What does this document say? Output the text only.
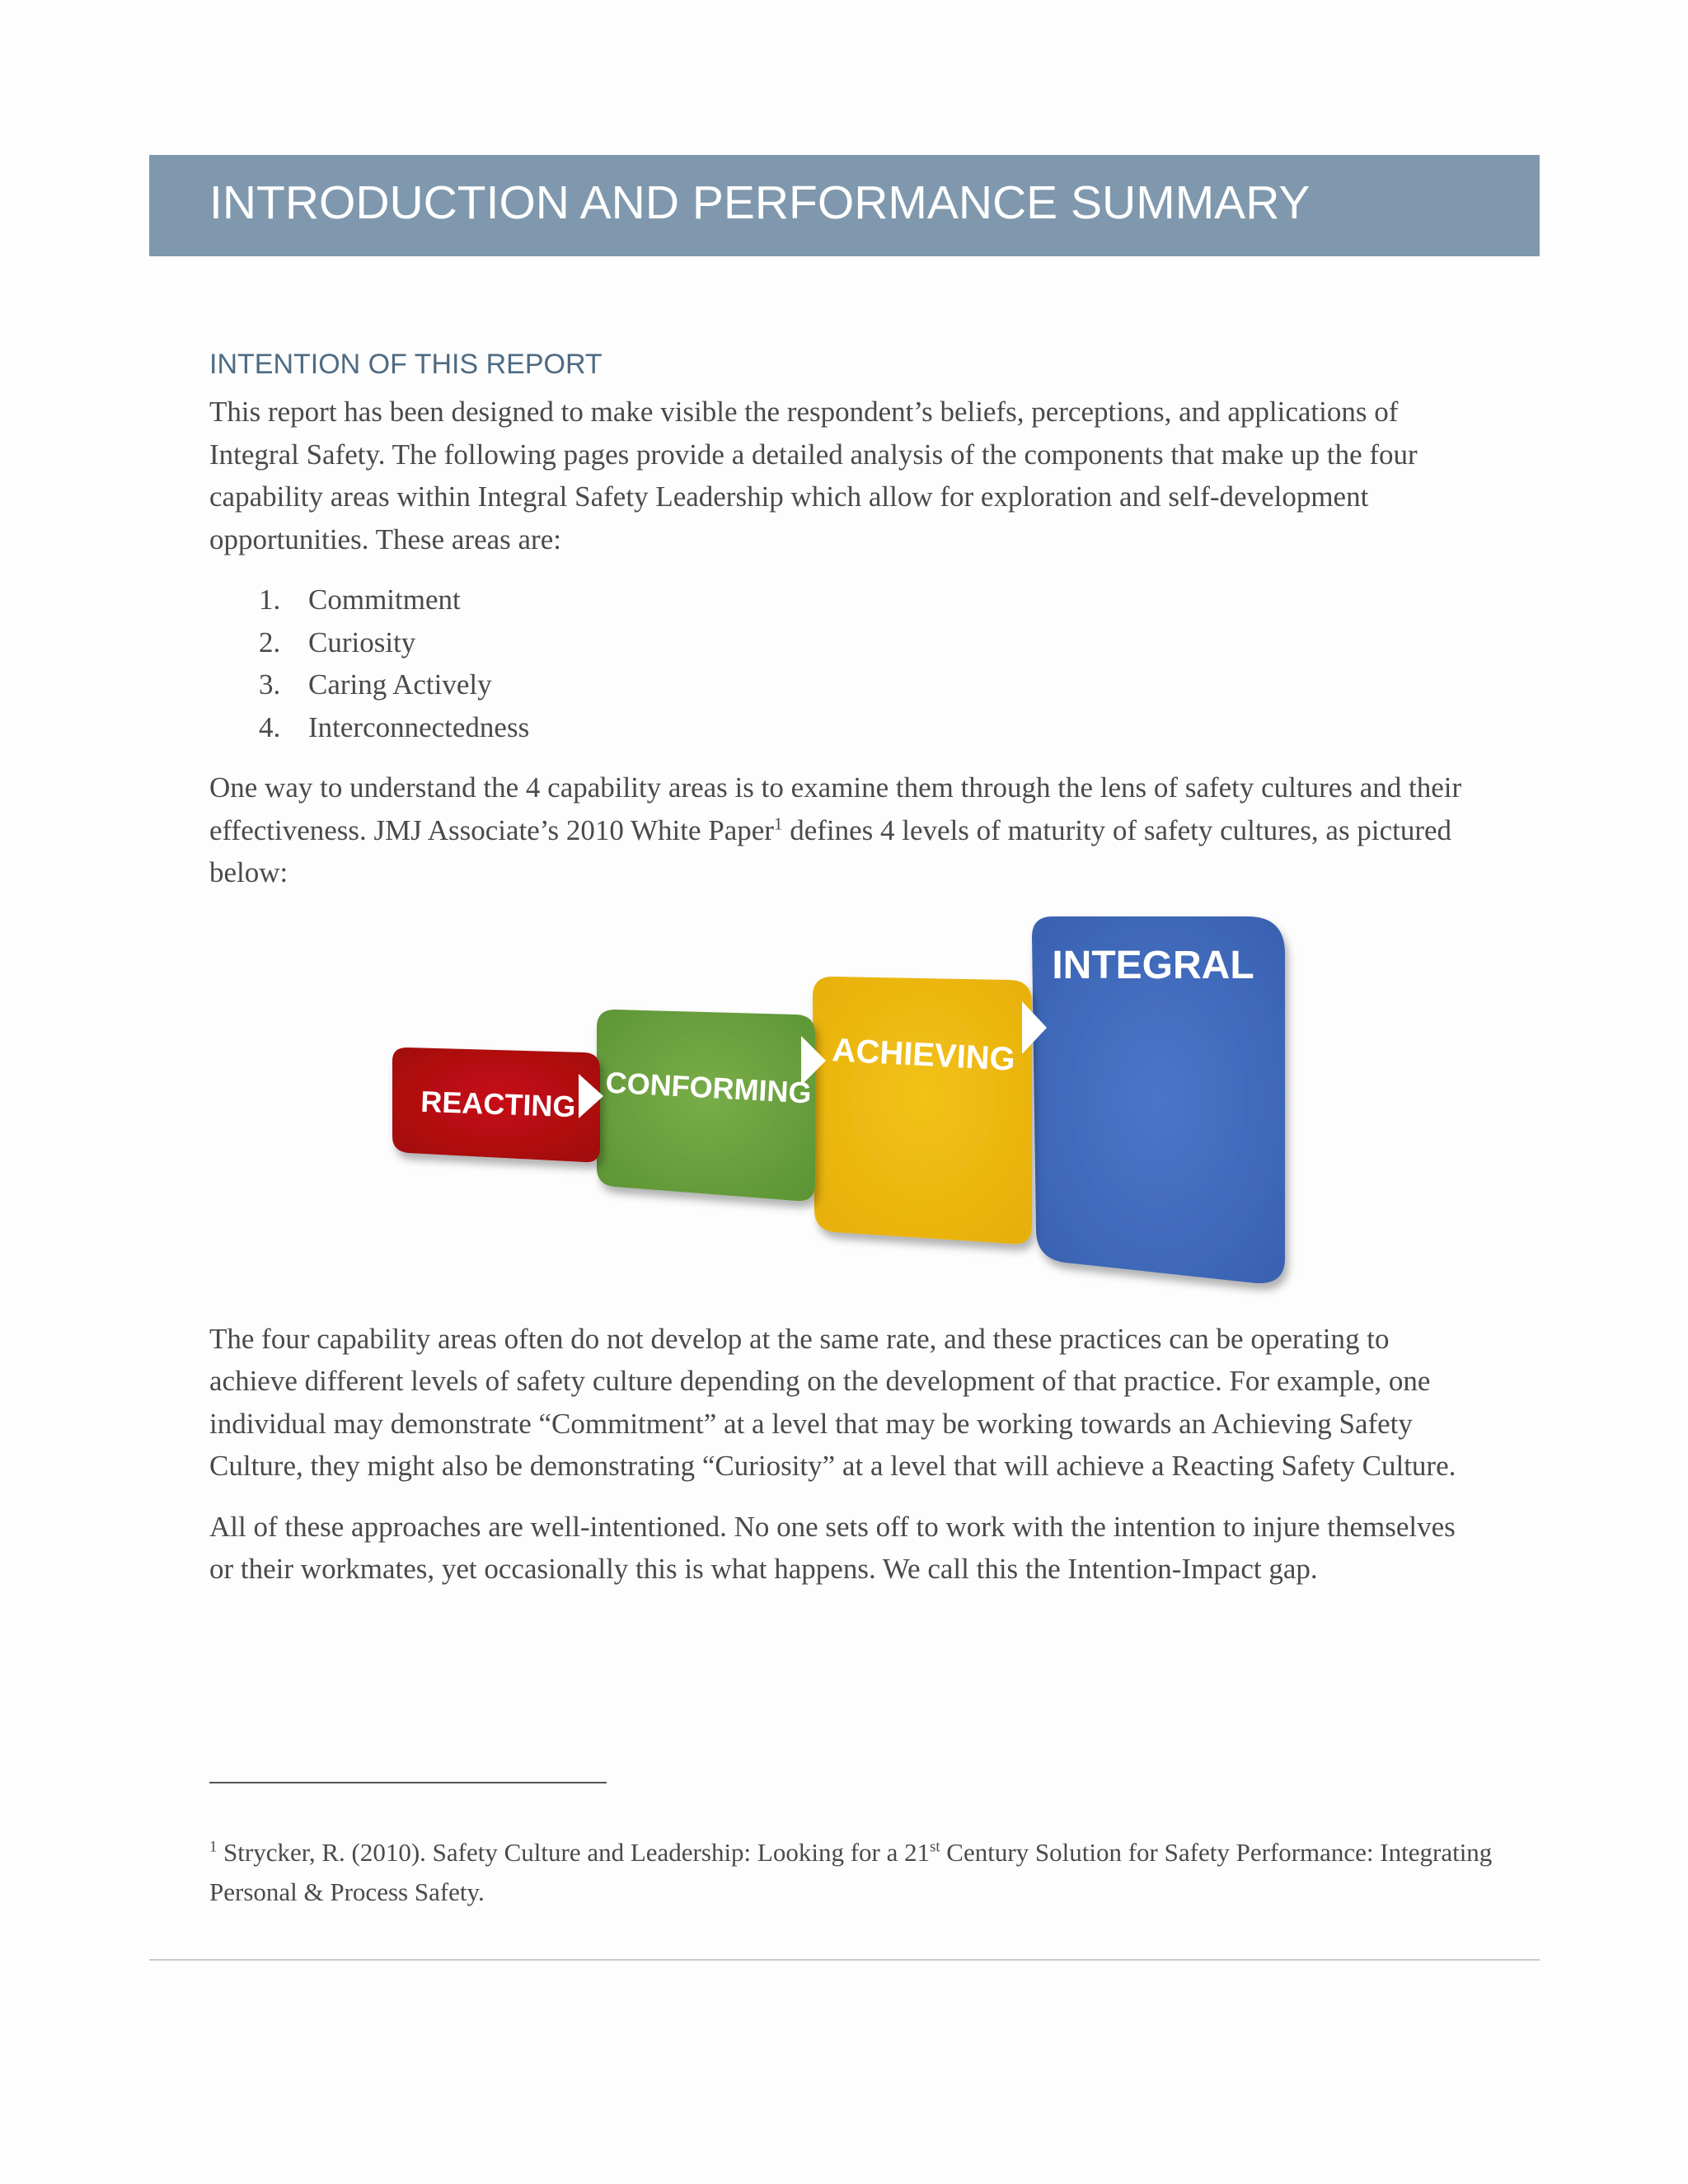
INTRODUCTION AND PERFORMANCE SUMMARY
INTENTION OF THIS REPORT

This report has been designed to make visible the respondent’s beliefs, perceptions, and applications of Integral Safety. The following pages provide a detailed analysis of the components that make up the four capability areas within Integral Safety Leadership which allow for exploration and self-development opportunities. These areas are:

1. Commitment
2. Curiosity
3. Caring Actively
4. Interconnectedness

One way to understand the 4 capability areas is to examine them through the lens of safety cultures and their effectiveness. JMJ Associate’s 2010 White Paper$^1$ defines 4 levels of maturity of safety cultures, as pictured below:

REACTING CONFORMING
ACHIEVING
INTEGRAL

The four capability areas often do not develop at the same rate, and these practices can be operating to achieve different levels of safety culture depending on the development of that practice. For example, one individual may demonstrate “Commitment” at a level that may be working towards an Achieving Safety Culture, they might also be demonstrating “Curiosity” at a level that will achieve a Reacting Safety Culture.

All of these approaches are well-intentioned. No one sets off to work with the intention to injure themselves or their workmates, yet occasionally this is what happens. We call this the Intention-Impact gap.

$^1$ Strycker, R. (2010). Safety Culture and Leadership: Looking for a 21st Century Solution for Safety Performance: Integrating Personal & Process Safety.
